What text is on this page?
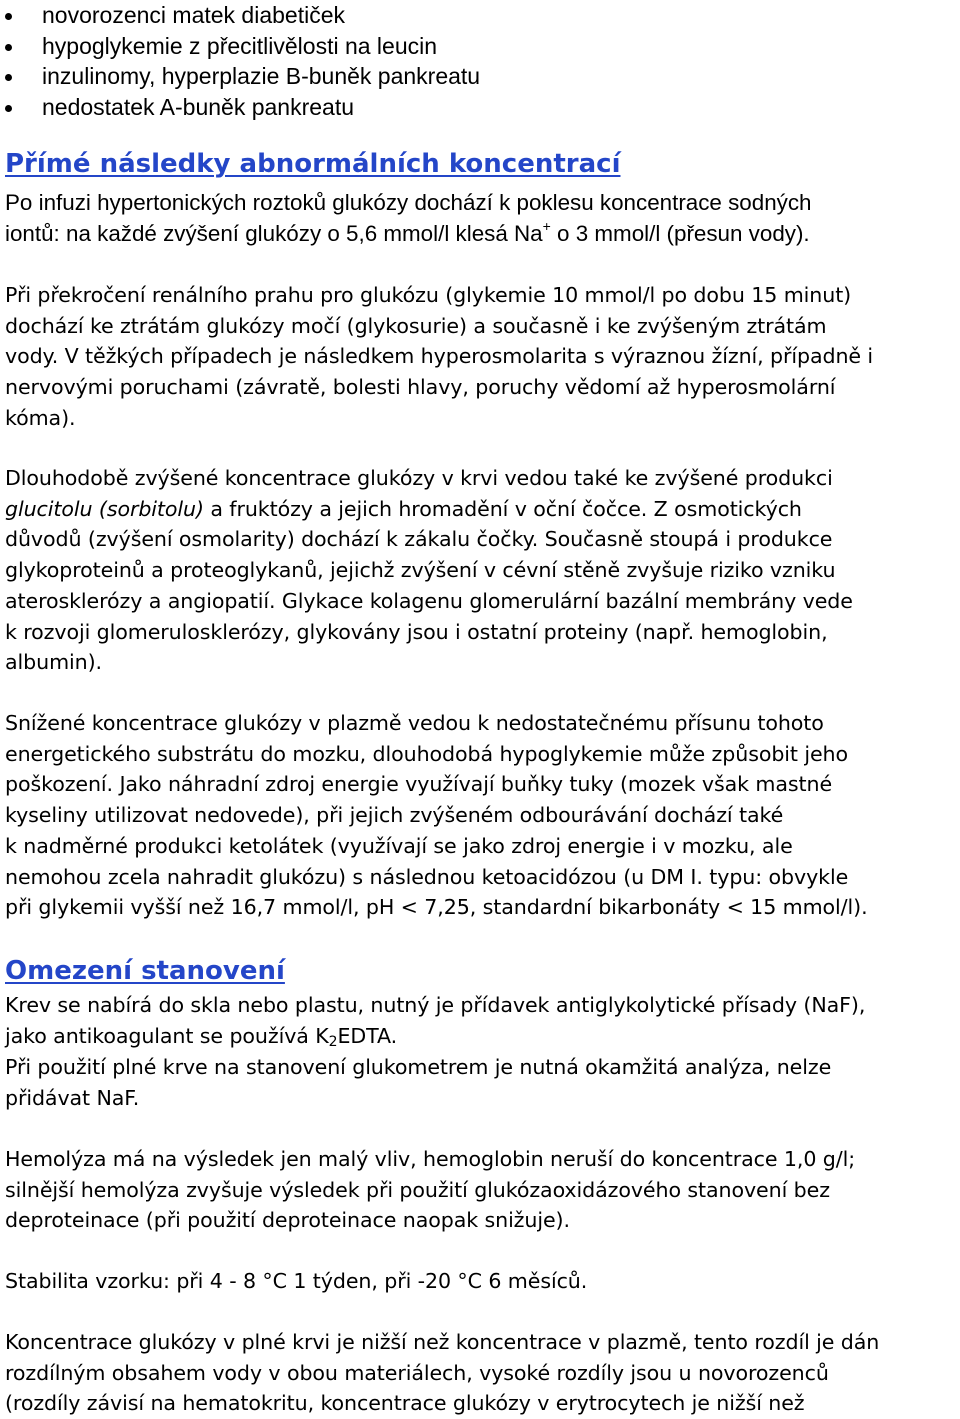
novorozenci matek diabetiček
hypoglykemie z přecitlivělosti na leucin
inzulinomy, hyperplazie B-buněk pankreatu
nedostatek A-buněk pankreatu
Přímé následky abnormálních koncentrací
Po infuzi hypertonických roztoků glukózy dochází k poklesu koncentrace sodných
iontů: na každé zvýšení glukózy o 5,6 mmol/l klesá Na+ o 3 mmol/l (přesun vody).
Při překročení renálního prahu pro glukózu (glykemie 10 mmol/l po dobu 15 minut)
dochází ke ztrátám glukózy močí (glykosurie) a současně i ke zvýšeným ztrátám
vody. V těžkých případech je následkem hyperosmolarita s výraznou žízní, případně i
nervovými poruchami (závratě, bolesti hlavy, poruchy vědomí až hyperosmolární
kóma).
Dlouhodobě zvýšené koncentrace glukózy v krvi vedou také ke zvýšené produkci
glucitolu (sorbitolu) a fruktózy a jejich hromadění v oční čočce. Z osmotických
důvodů (zvýšení osmolarity) dochází k zákalu čočky. Současně stoupá i produkce
glykoproteinů a proteoglykanů, jejichž zvýšení v cévní stěně zvyšuje riziko vzniku
aterosklerózy a angiopatií. Glykace kolagenu glomerulární bazální membrány vede
k rozvoji glomerulosklerózy, glykovány jsou i ostatní proteiny (např. hemoglobin,
albumin).
Snížené koncentrace glukózy v plazmě vedou k nedostatečnému přísunu tohoto
energetického substrátu do mozku, dlouhodobá hypoglykemie může způsobit jeho
poškození. Jako náhradní zdroj energie využívají buňky tuky (mozek však mastné
kyseliny utilizovat nedovede), při jejich zvýšeném odbourávání dochází také
k nadměrné produkci ketolátek (využívají se jako zdroj energie i v mozku, ale
nemohou zcela nahradit glukózu) s následnou ketoacidózou (u DM I. typu: obvykle
při glykemii vyšší než 16,7 mmol/l, pH < 7,25, standardní bikarbonáty < 15 mmol/l).
Omezení stanovení
Krev se nabírá do skla nebo plastu, nutný je přídavek antiglykolytické přísady (NaF),
jako antikoagulant se používá $K_2EDTA$.
Při použití plné krve na stanovení glukometrem je nutná okamžitá analýza, nelze
přidávat NaF.
Hemolýza má na výsledek jen malý vliv, hemoglobin neruší do koncentrace 1,0 g/l;
silnější hemolýza zvyšuje výsledek při použití glukózaoxidázového stanovení bez
deproteinace (při použití deproteinace naopak snižuje).
Stabilita vzorku: při 4 - 8 °C 1 týden, při -20 °C 6 měsíců.
Koncentrace glukózy v plné krvi je nižší než koncentrace v plazmě, tento rozdíl je dán
rozdílným obsahem vody v obou materiálech, vysoké rozdíly jsou u novorozenců
(rozdíly závisí na hematokritu, koncentrace glukózy v erytrocytech je nižší než
